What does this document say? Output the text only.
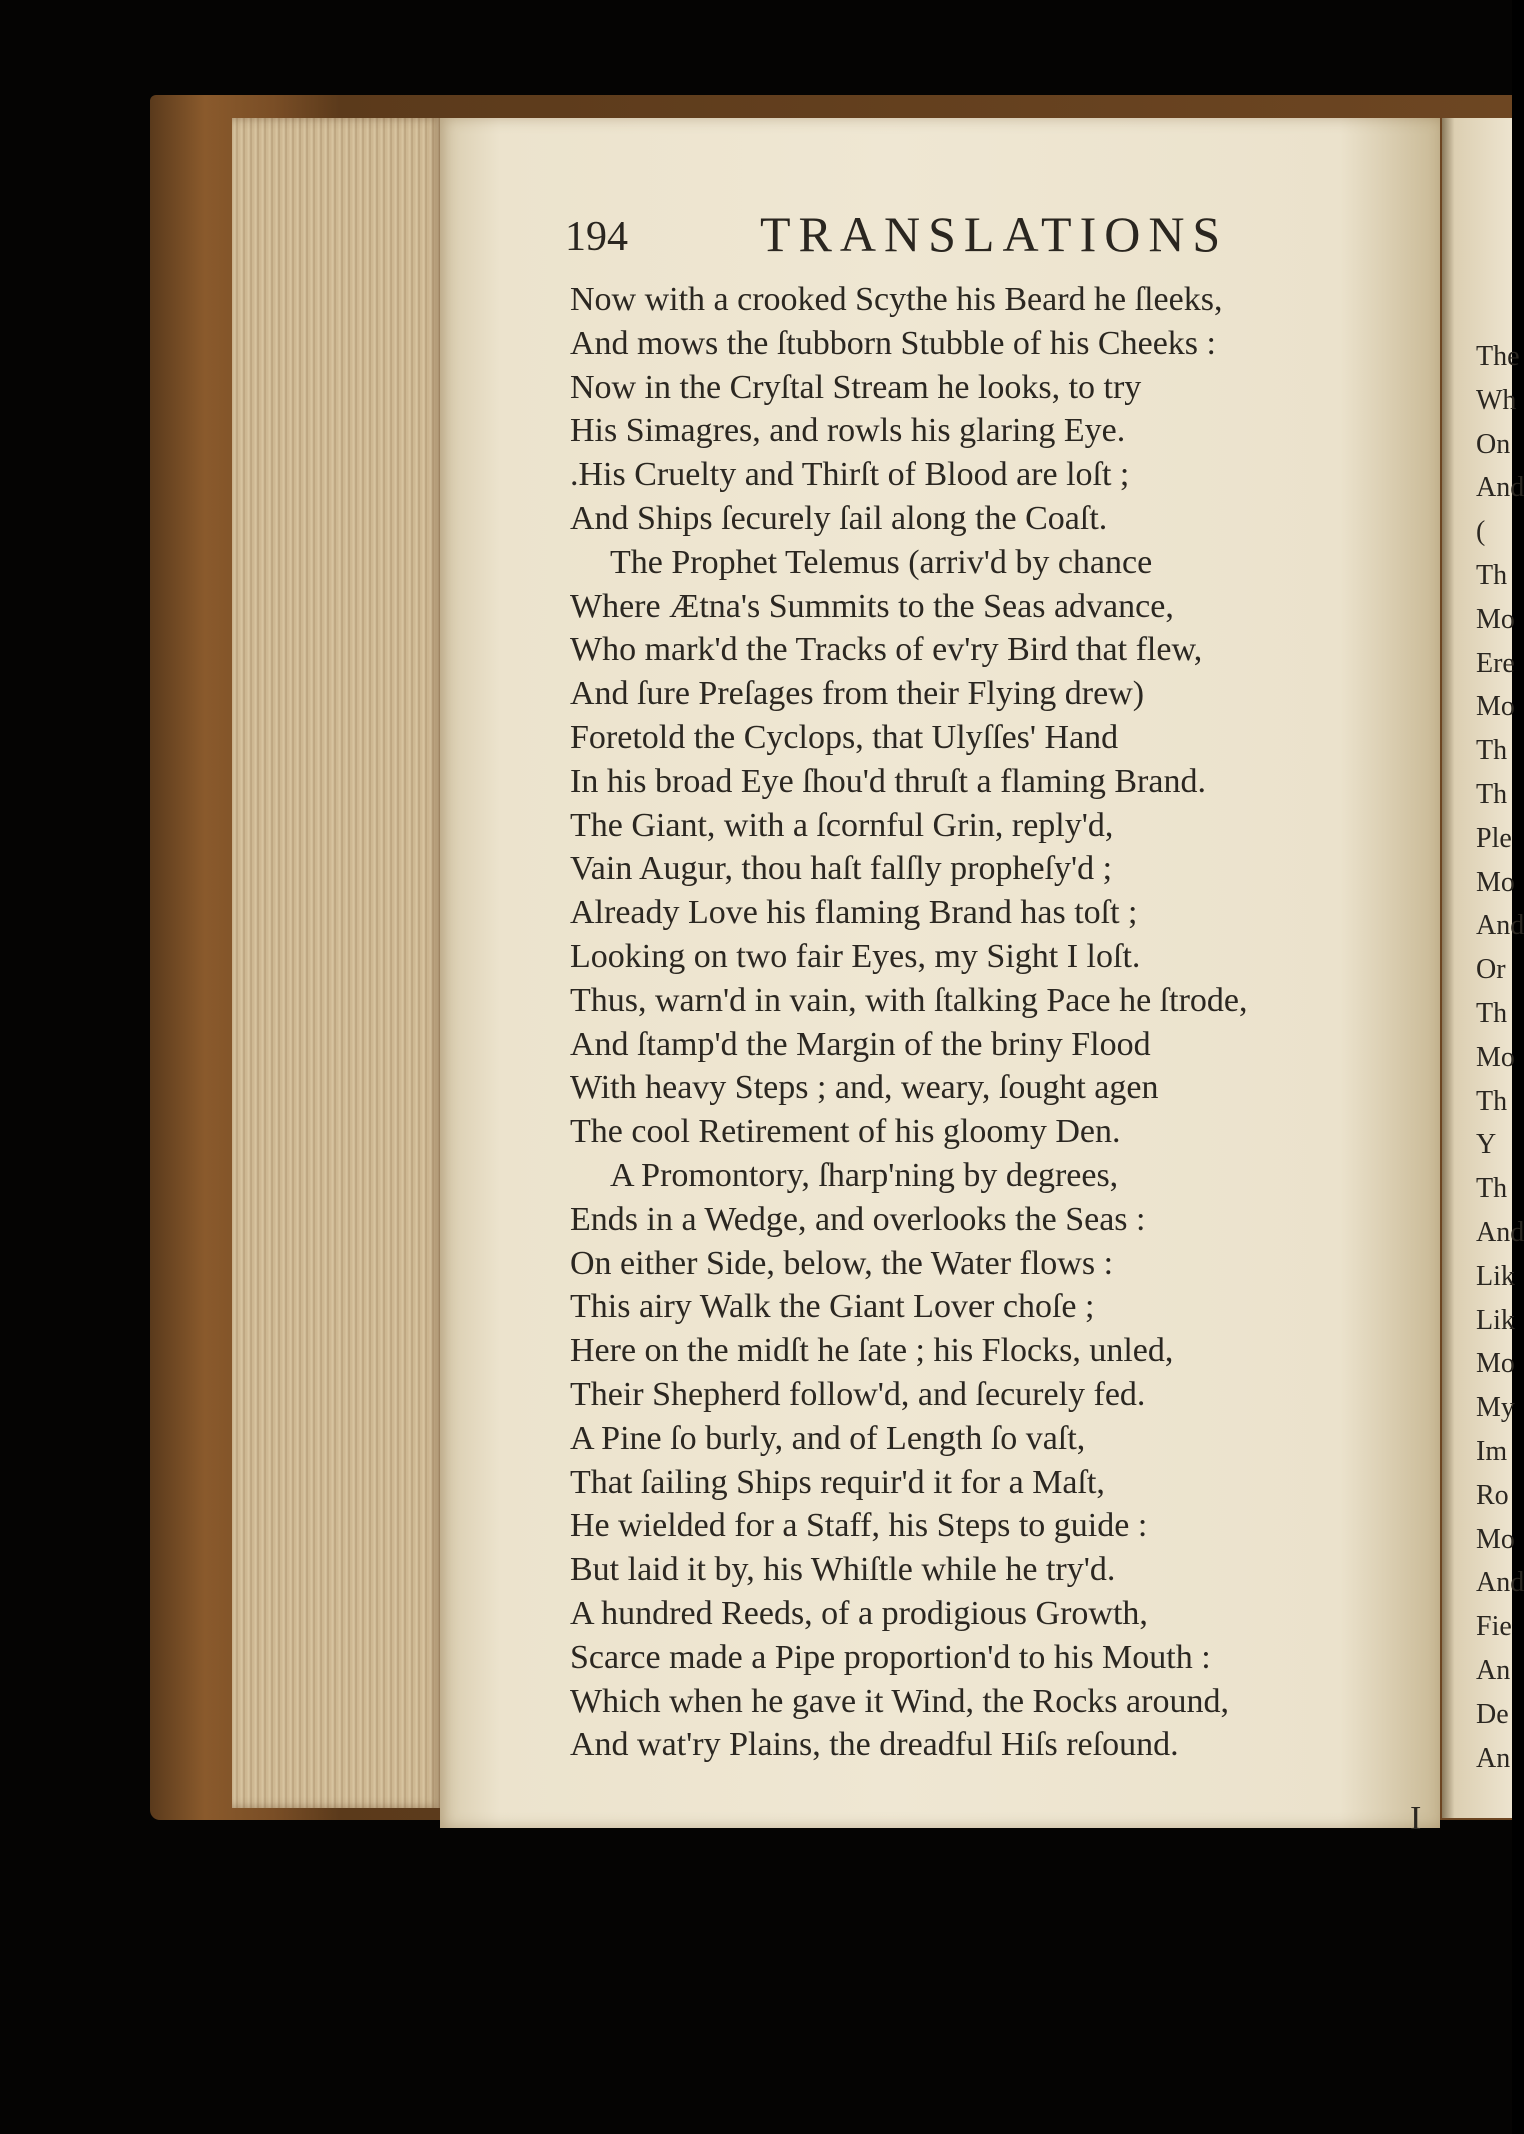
194	TRANSLATIONS
Now with a crooked Scythe his Beard he ſleeks,
And mows the ſtubborn Stubble of his Cheeks :
Now in the Cryſtal Stream he looks, to try
His Simagres, and rowls his glaring Eye.
.His Cruelty and Thirſt of Blood are loſt ;
And Ships ſecurely ſail along the Coaſt.
The Prophet Telemus (arriv'd by chance
Where Ætna's Summits to the Seas advance,
Who mark'd the Tracks of ev'ry Bird that flew,
And ſure Preſages from their Flying drew)
Foretold the Cyclops, that Ulyſſes' Hand
In his broad Eye ſhou'd thruſt a flaming Brand.
The Giant, with a ſcornful Grin, reply'd,
Vain Augur, thou haſt falſly propheſy'd ;
Already Love his flaming Brand has toſt ;
Looking on two fair Eyes, my Sight I loſt.
Thus, warn'd in vain, with ſtalking Pace he ſtrode,
And ſtamp'd the Margin of the briny Flood
With heavy Steps ; and, weary, ſought agen
The cool Retirement of his gloomy Den.
A Promontory, ſharp'ning by degrees,
Ends in a Wedge, and overlooks the Seas :
On either Side, below, the Water flows :
This airy Walk the Giant Lover choſe ;
Here on the midſt he ſate ; his Flocks, unled,
Their Shepherd follow'd, and ſecurely fed.
A Pine ſo burly, and of Length ſo vaſt,
That ſailing Ships requir'd it for a Maſt,
He wielded for a Staff, his Steps to guide :
But laid it by, his Whiſtle while he try'd.
A hundred Reeds, of a prodigious Growth,
Scarce made a Pipe proportion'd to his Mouth :
Which when he gave it Wind, the Rocks around,
And wat'ry Plains, the dreadful Hiſs reſound.
The
Wh
On
And
(
Th
Mo
Ere
Mo
Th
Th
Ple
Mo
And
Or
Th
Mo
Th
Y
Th
And
Lik
Lik
Mo
My
Im
Ro
Mo
And
Fie
An
De
An
I
